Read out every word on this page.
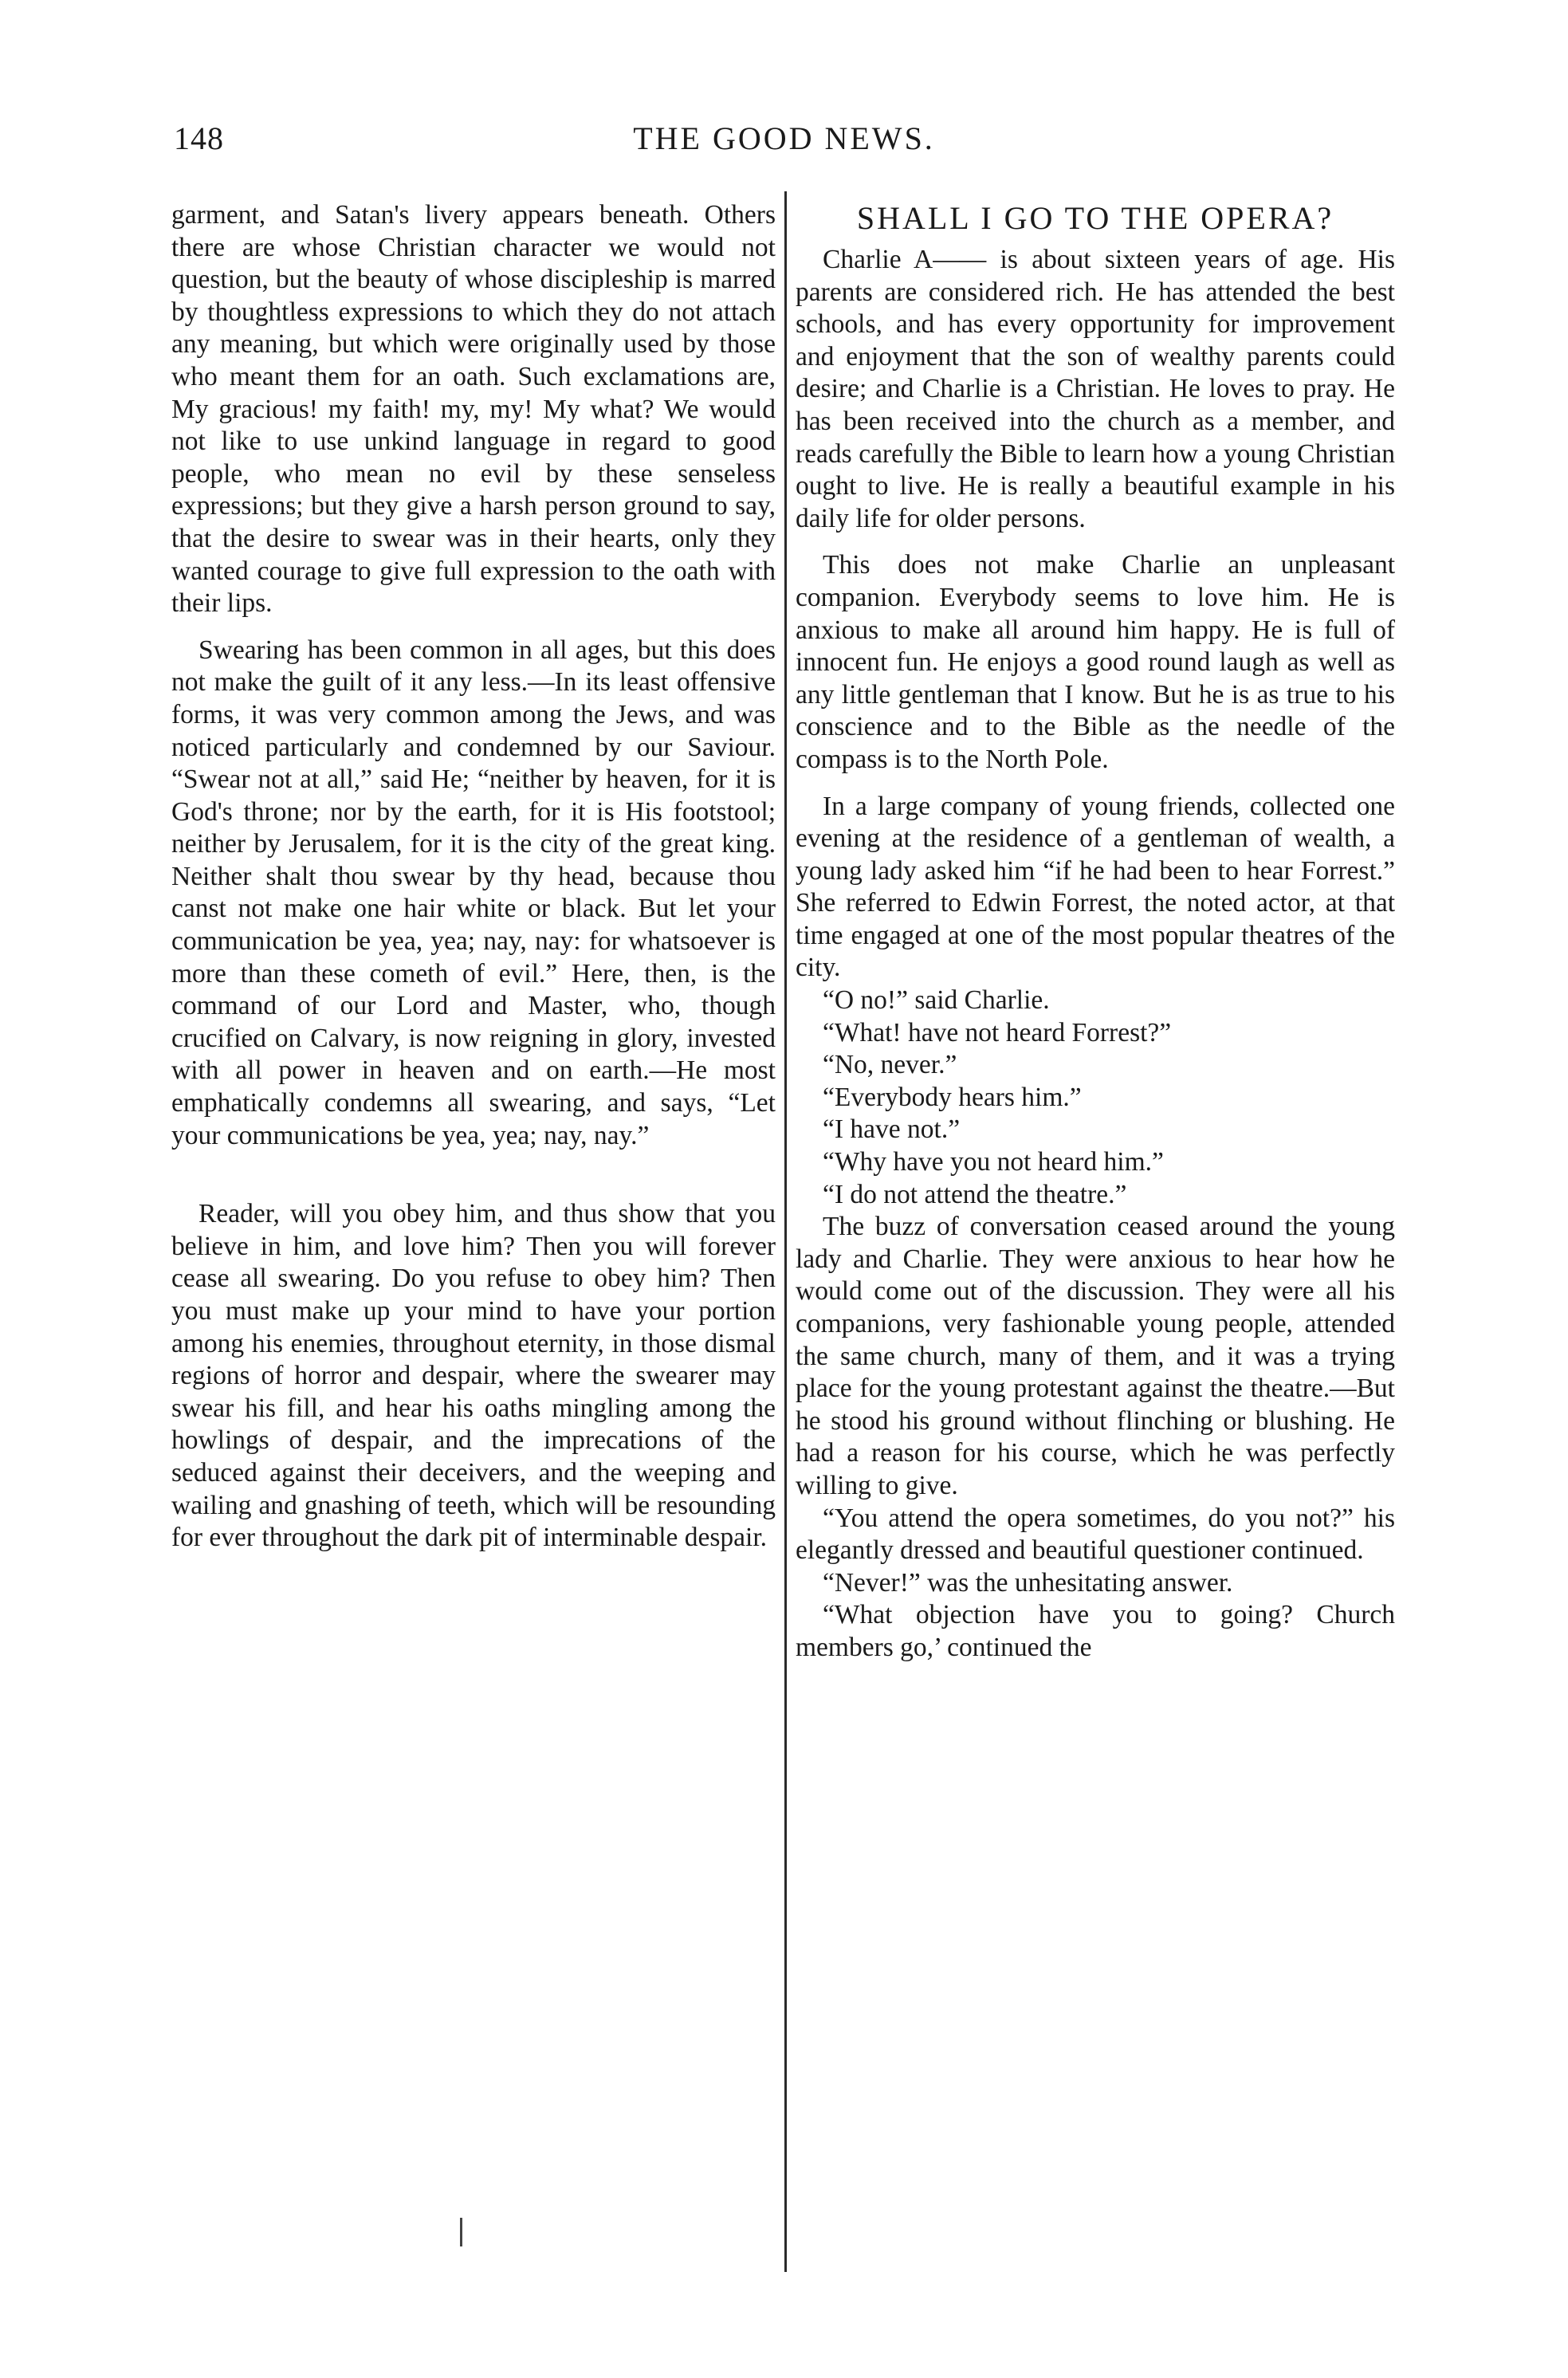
148	THE GOOD NEWS.

garment, and Satan's livery appears beneath. Others there are whose Christian character we would not question, but the beauty of whose discipleship is marred by thoughtless expressions to which they do not attach any meaning, but which were originally used by those who meant them for an oath. Such exclamations are, My gracious! my faith! my, my! My what? We would not like to use unkind language in regard to good people, who mean no evil by these senseless expressions; but they give a harsh person ground to say, that the desire to swear was in their hearts, only they wanted courage to give full expression to the oath with their lips.

Swearing has been common in all ages, but this does not make the guilt of it any less.—In its least offensive forms, it was very common among the Jews, and was noticed particularly and condemned by our Saviour. “Swear not at all,” said He; “neither by heaven, for it is God's throne; nor by the earth, for it is His footstool; neither by Jerusalem, for it is the city of the great king. Neither shalt thou swear by thy head, because thou canst not make one hair white or black. But let your communication be yea, yea; nay, nay: for whatsoever is more than these cometh of evil.” Here, then, is the command of our Lord and Master, who, though crucified on Calvary, is now reigning in glory, invested with all power in heaven and on earth.—He most emphatically condemns all swearing, and says, “Let your communications be yea, yea; nay, nay.”

Reader, will you obey him, and thus show that you believe in him, and love him? Then you will forever cease all swearing. Do you refuse to obey him? Then you must make up your mind to have your portion among his enemies, throughout eternity, in those dismal regions of horror and despair, where the swearer may swear his fill, and hear his oaths mingling among the howlings of despair, and the imprecations of the seduced against their deceivers, and the weeping and wailing and gnashing of teeth, which will be resounding for ever throughout the dark pit of interminable despair.

SHALL I GO TO THE OPERA?

Charlie A—— is about sixteen years of age. His parents are considered rich. He has attended the best schools, and has every opportunity for improvement and enjoyment that the son of wealthy parents could desire; and Charlie is a Christian. He loves to pray. He has been received into the church as a member, and reads carefully the Bible to learn how a young Christian ought to live. He is really a beautiful example in his daily life for older persons.

This does not make Charlie an unpleasant companion. Everybody seems to love him. He is anxious to make all around him happy. He is full of innocent fun. He enjoys a good round laugh as well as any little gentleman that I know. But he is as true to his conscience and to the Bible as the needle of the compass is to the North Pole.

In a large company of young friends, collected one evening at the residence of a gentleman of wealth, a young lady asked him “if he had been to hear Forrest.” She referred to Edwin Forrest, the noted actor, at that time engaged at one of the most popular theatres of the city.

“O no!” said Charlie.

“What! have not heard Forrest?”

“No, never.”

“Everybody hears him.”

“I have not.”

“Why have you not heard him.”

“I do not attend the theatre.”

The buzz of conversation ceased around the young lady and Charlie. They were anxious to hear how he would come out of the discussion. They were all his companions, very fashionable young people, attended the same church, many of them, and it was a trying place for the young protestant against the theatre.—But he stood his ground without flinching or blushing. He had a reason for his course, which he was perfectly willing to give.

“You attend the opera sometimes, do you not?” his elegantly dressed and beautiful questioner continued.

“Never!” was the unhesitating answer.

“What objection have you to going? Church members go,’ continued the
